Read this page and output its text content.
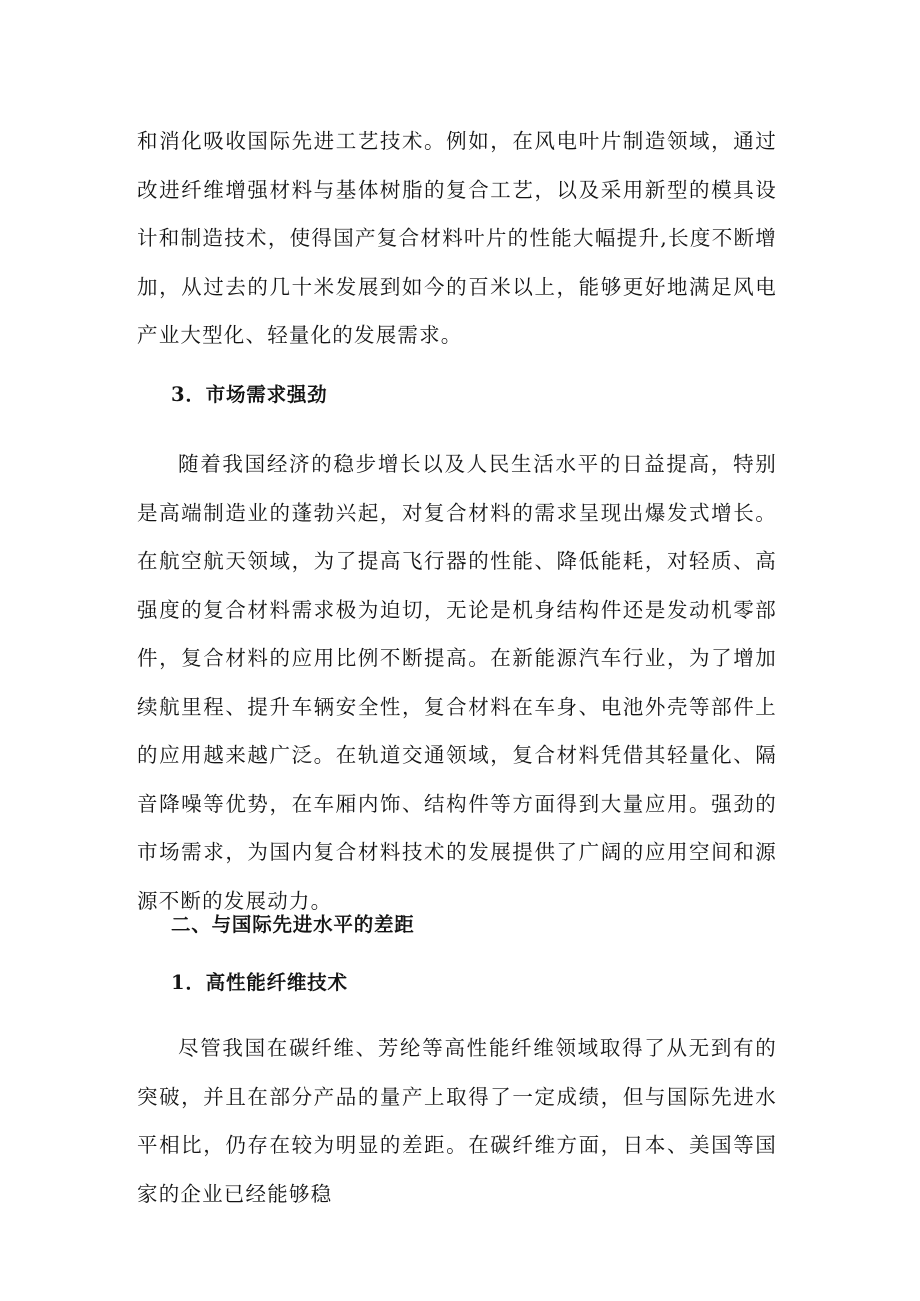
和消化吸收国际先进工艺技术。例如，在风电叶片制造领域，通过改进纤维增强材料与基体树脂的复合工艺，以及采用新型的模具设计和制造技术，使得国产复合材料叶片的性能大幅提升,长度不断增加，从过去的几十米发展到如今的百米以上，能够更好地满足风电产业大型化、轻量化的发展需求。

3．市场需求强劲

随着我国经济的稳步增长以及人民生活水平的日益提高，特别是高端制造业的蓬勃兴起，对复合材料的需求呈现出爆发式增长。在航空航天领域，为了提高飞行器的性能、降低能耗，对轻质、高强度的复合材料需求极为迫切，无论是机身结构件还是发动机零部件，复合材料的应用比例不断提高。在新能源汽车行业，为了增加续航里程、提升车辆安全性，复合材料在车身、电池外壳等部件上的应用越来越广泛。在轨道交通领域，复合材料凭借其轻量化、隔音降噪等优势，在车厢内饰、结构件等方面得到大量应用。强劲的市场需求，为国内复合材料技术的发展提供了广阔的应用空间和源源不断的发展动力。

二、与国际先进水平的差距

1．高性能纤维技术

尽管我国在碳纤维、芳纶等高性能纤维领域取得了从无到有的突破，并且在部分产品的量产上取得了一定成绩，但与国际先进水平相比，仍存在较为明显的差距。在碳纤维方面，日本、美国等国家的企业已经能够稳
